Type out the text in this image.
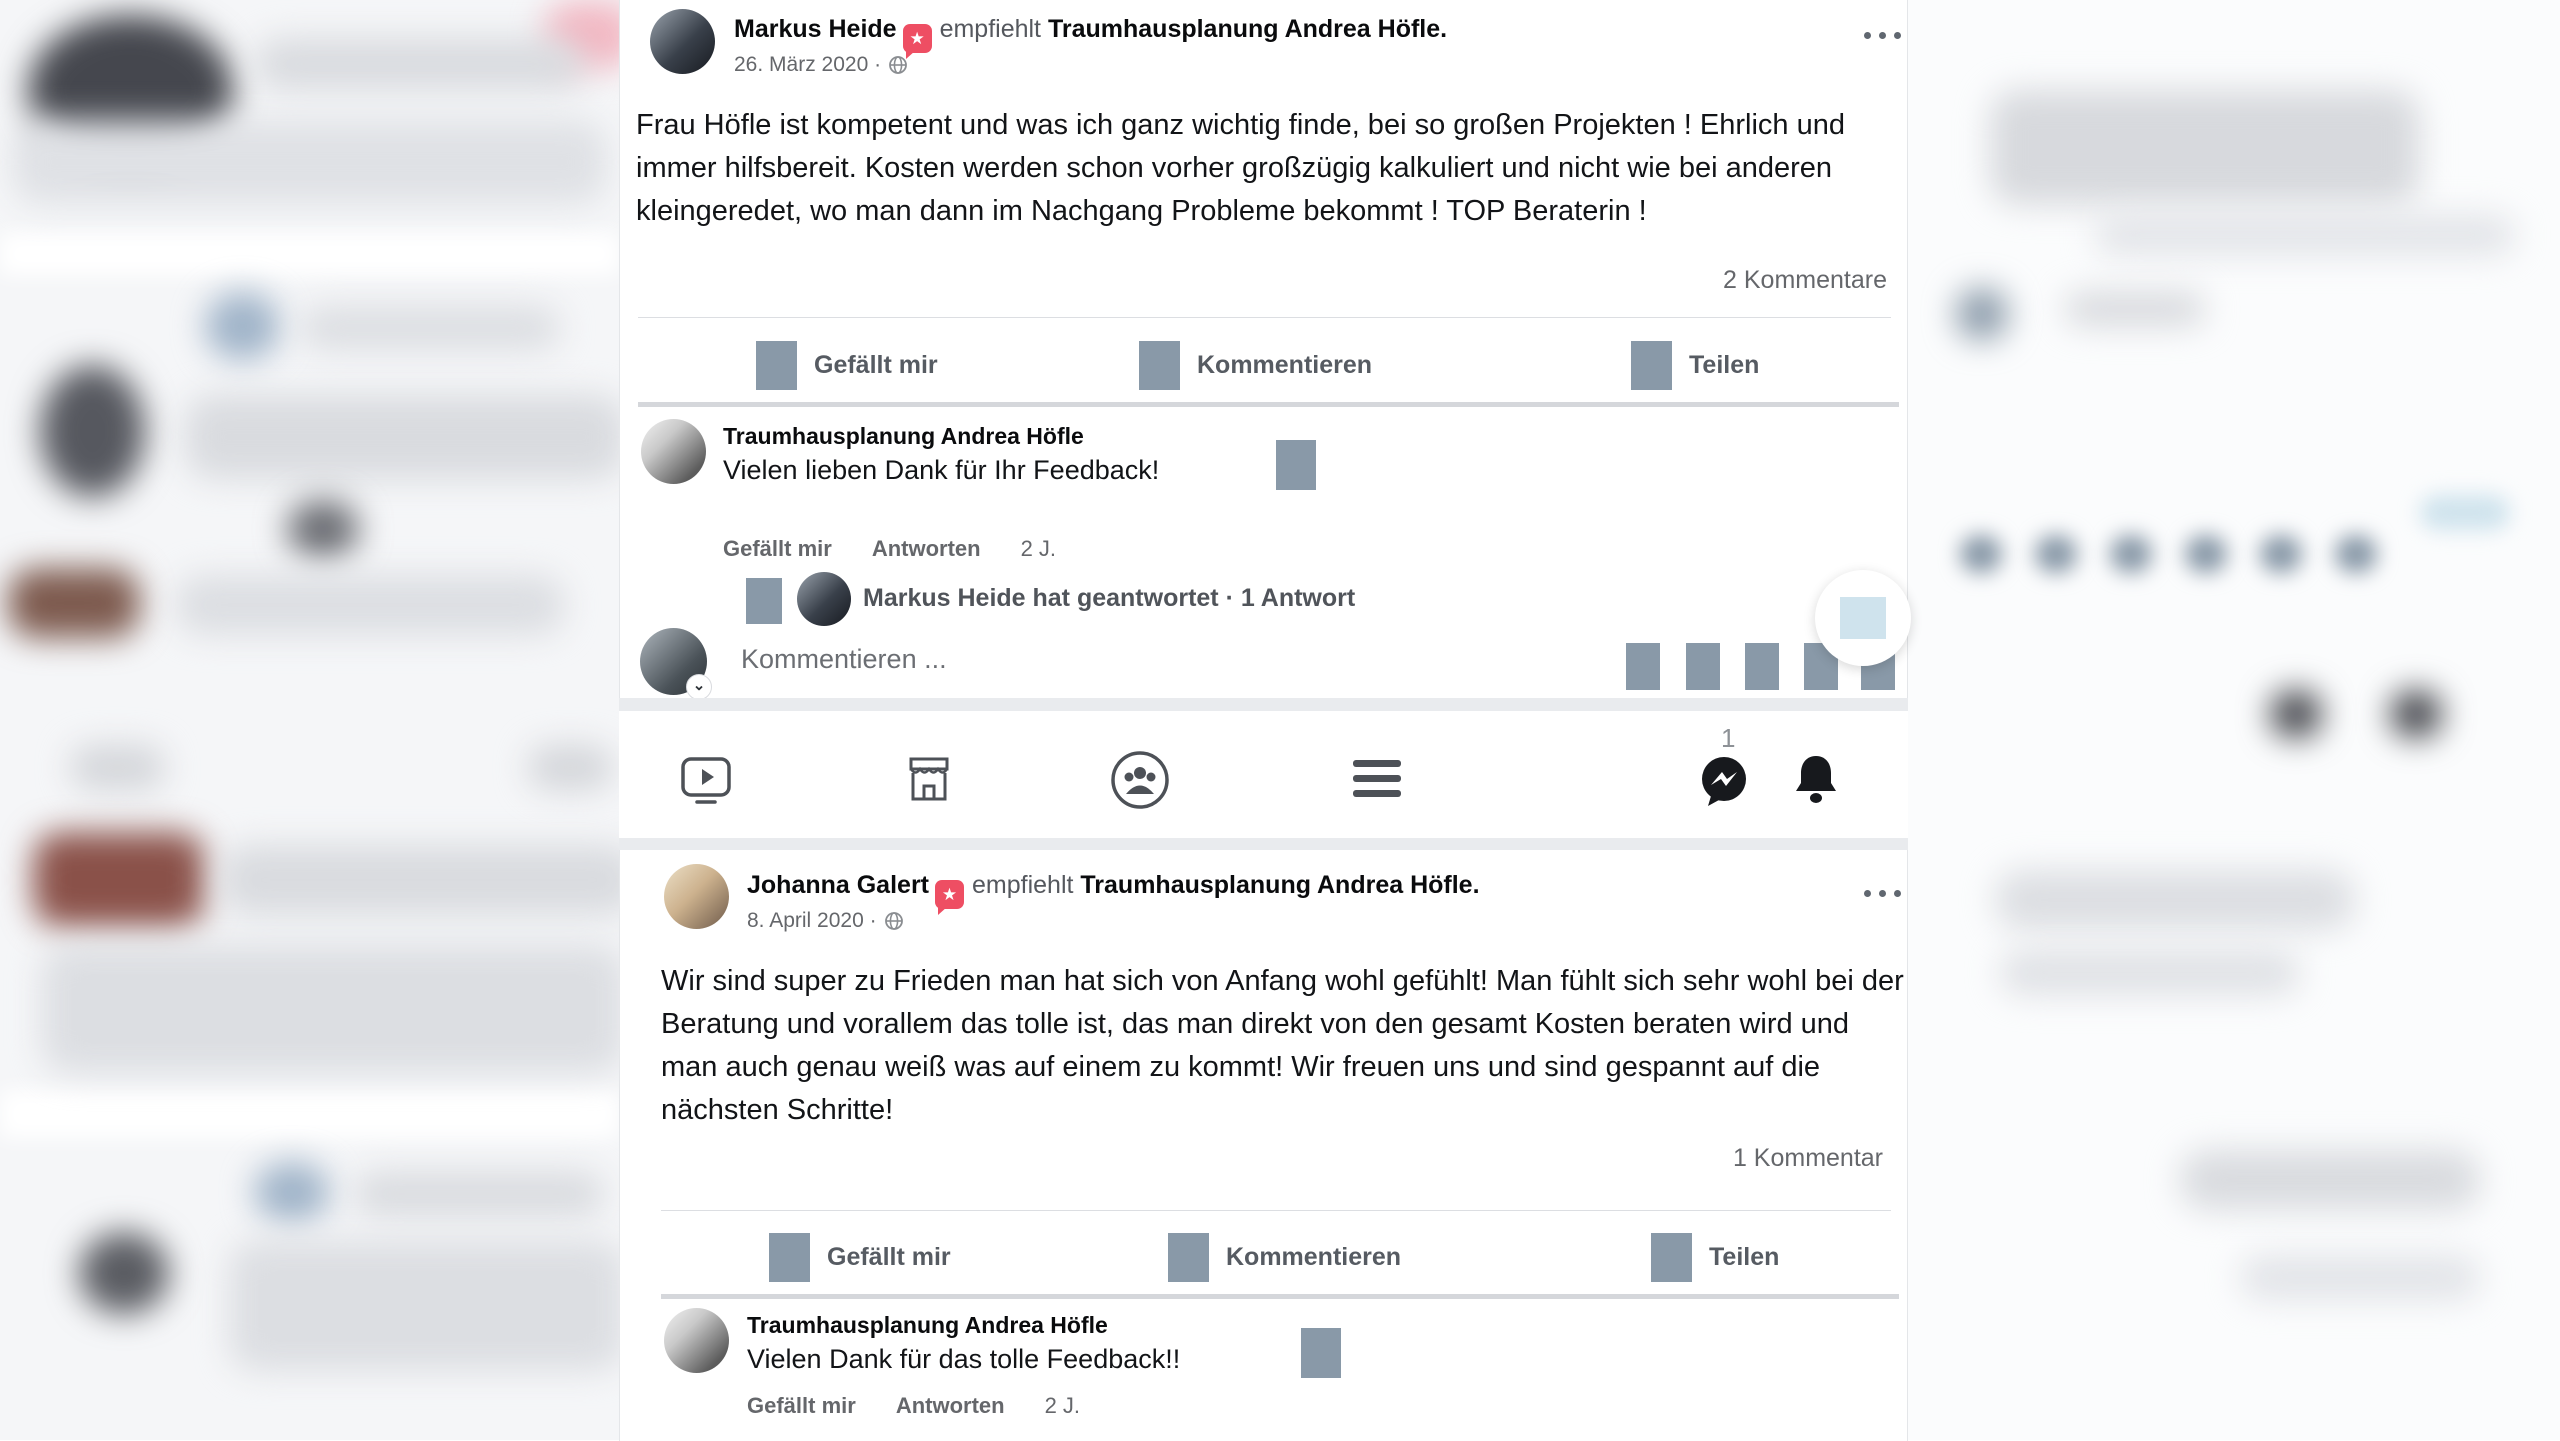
Markus Heide ★ empfiehlt Traumhausplanung Andrea Höfle.
26. März 2020 ·
Frau Höfle ist kompetent und was ich ganz wichtig finde, bei so großen Projekten ! Ehrlich und immer hilfsbereit. Kosten werden schon vorher großzügig kalkuliert und nicht wie bei anderen kleingeredet, wo man dann im Nachgang Probleme bekommt ! TOP Beraterin !
2 Kommentare
Gefällt mir	Kommentieren	Teilen
Traumhausplanung Andrea Höfle
Vielen lieben Dank für Ihr Feedback!
Gefällt mir Antworten 2 J.
Markus Heide hat geantwortet · 1 Antwort
⌄
Kommentieren ...
1
Johanna Galert ★ empfiehlt Traumhausplanung Andrea Höfle.
8. April 2020 ·
Wir sind super zu Frieden man hat sich von Anfang wohl gefühlt! Man fühlt sich sehr wohl bei der Beratung und vorallem das tolle ist, das man direkt von den gesamt Kosten beraten wird und man auch genau weiß was auf einem zu kommt! Wir freuen uns und sind gespannt auf die nächsten Schritte!
1 Kommentar
Gefällt mir	Kommentieren	Teilen
Traumhausplanung Andrea Höfle
Vielen Dank für das tolle Feedback!!
Gefällt mir Antworten 2 J.
